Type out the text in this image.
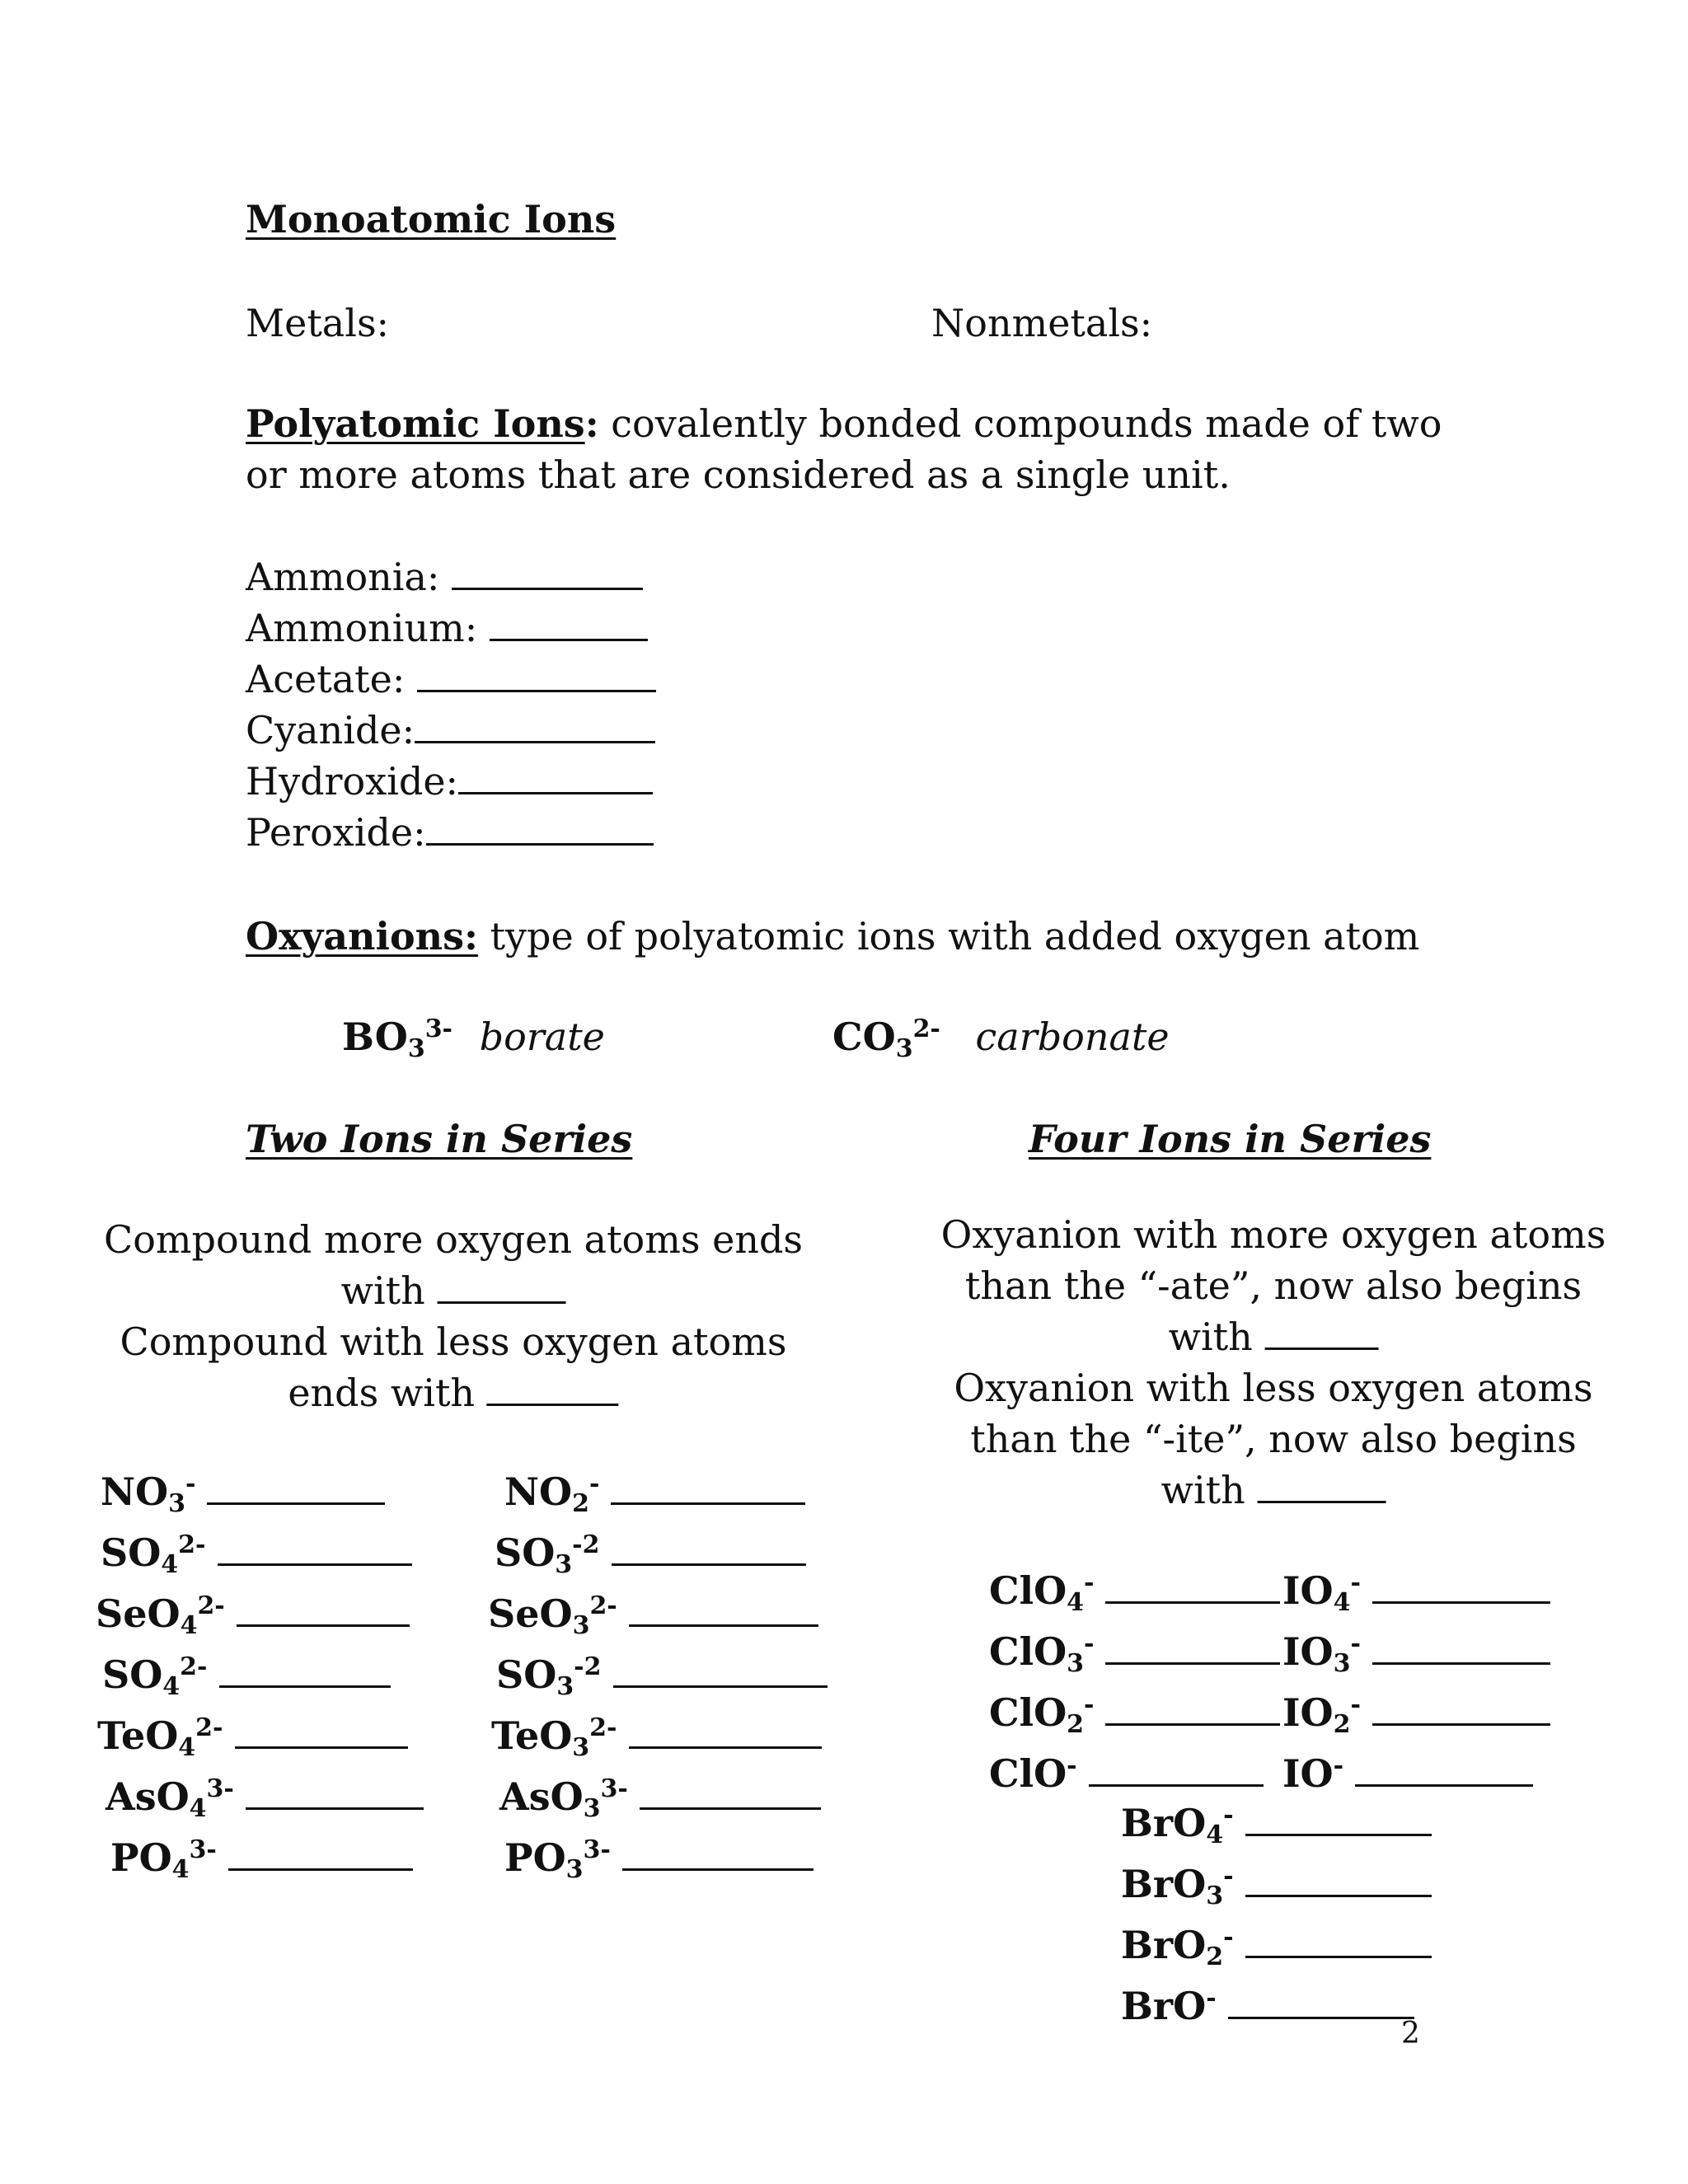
Monoatomic Ions
Metals:	Nonmetals:
Polyatomic Ions: covalently bonded compounds made of two
or more atoms that are considered as a single unit.
Ammonia:
Ammonium:
Acetate:
Cyanide:
Hydroxide:
Peroxide:
Oxyanions: type of polyatomic ions with added oxygen atom
$BO3^{3-}$ borate	$CO3^{2-}$ carbonate
Two Ions in Series
Compound more oxygen atoms ends
with
Compound with less oxygen atoms
ends with
NO3-
$SO4^{2-}$
$SeO4^{2-}$
$SO4^{2-}$
$TeO4^{2-}$
$AsO4^{3-}$
$PO4^{3-}$
NO2-
$SO3^{-2}$
$SeO3^{2-}$
$SO3^{-2}$
$TeO3^{2-}$
$AsO3^{3-}$
$PO3^{3-}$
Four Ions in Series
Oxyanion with more oxygen atoms
than the “-ate”, now also begins
with
Oxyanion with less oxygen atoms
than the “-ite”, now also begins
with
ClO4-
ClO3-
ClO2-
ClO-
IO4-
IO3-
IO2-
IO-
BrO4-
BrO3-
BrO2-
BrO-
2
